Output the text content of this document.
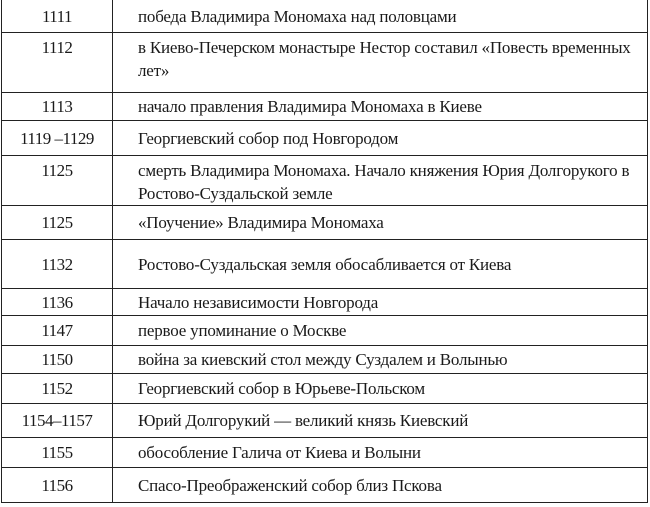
1111	победа Владимира Мономаха над половцами
1112	в Киево-Печерском монастыре Нестор составил «Повесть временных лет»
1113	начало правления Владимира Мономаха в Киеве
1119 –1129	Георгиевский собор под Новгородом
1125	смерть Владимира Мономаха. Начало княжения Юрия Долгорукого в Ростово-Суздальской земле
1125	«Поучение» Владимира Мономаха
1132	Ростово-Суздальская земля обосабливается от Киева
1136	Начало независимости Новгорода
1147	первое упоминание о Москве
1150	война за киевский стол между Суздалем и Волынью
1152	Георгиевский собор в Юрьеве-Польском
1154–1157	Юрий Долгорукий — великий князь Киевский
1155	обособление Галича от Киева и Волыни
1156	Спасо-Преображенский собор близ Пскова
